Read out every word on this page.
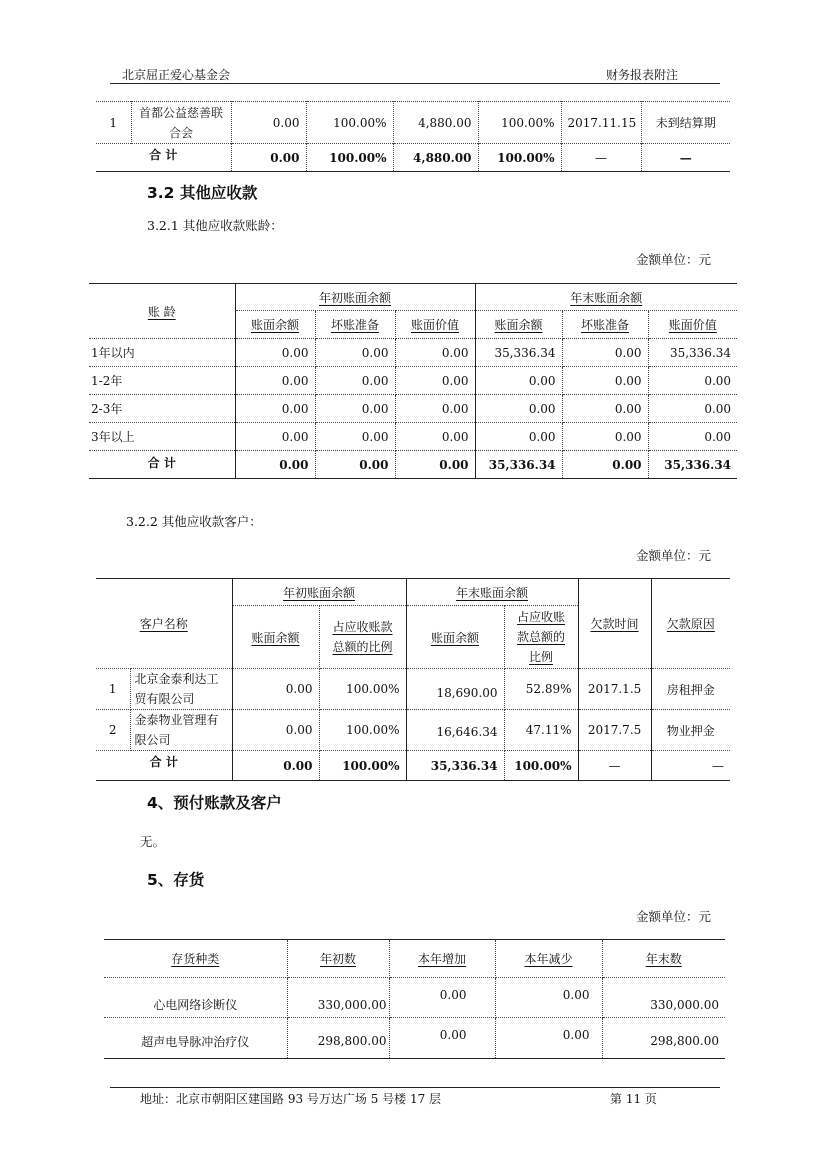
北京屈正爱心基金会	财务报表附注
1	首都公益慈善联合会	0.00	100.00%	4,880.00	100.00%	2017.11.15	未到结算期
合 计		0.00	100.00%	4,880.00	100.00%	—	—
3.2 其他应收款
3.2.1 其他应收款账龄：
金额单位：元
账 龄	年初账面余额			年末账面余额		
	账面余额	坏账准备	账面价值	账面余额	坏账准备	账面价值
1年以内	0.00	0.00	0.00	35,336.34	0.00	35,336.34
1-2年	0.00	0.00	0.00	0.00	0.00	0.00
2-3年	0.00	0.00	0.00	0.00	0.00	0.00
3年以上	0.00	0.00	0.00	0.00	0.00	0.00
合 计	0.00	0.00	0.00	35,336.34	0.00	35,336.34
3.2.2 其他应收款客户：
金额单位：元
客户名称		年初账面余额		年末账面余额		欠款时间	欠款原因
		账面余额	占应收账款总额的比例	账面余额	占应收账款总额的比例		
1	北京金泰利达工贸有限公司	0.00	100.00%	18,690.00	52.89%	2017.1.5	房租押金
2	金泰物业管理有限公司	0.00	100.00%	16,646.34	47.11%	2017.7.5	物业押金
合 计		0.00	100.00%	35,336.34	100.00%	—	—
4、预付账款及客户
无。
5、存货
金额单位：元
存货种类	年初数	本年增加	本年减少	年末数
心电网络诊断仪	330,000.00	0.00	0.00	330,000.00
超声电导脉冲治疗仪	298,800.00	0.00	0.00	298,800.00
地址：北京市朝阳区建国路 93 号万达广场 5 号楼 17 层	第 11 页
